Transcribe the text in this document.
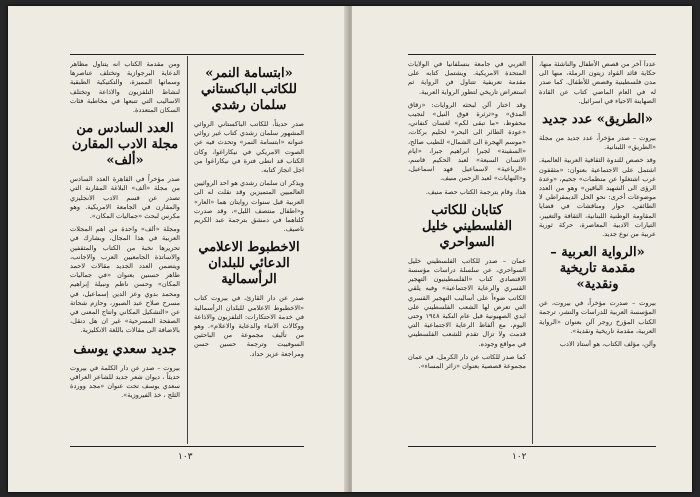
ومن مقدمة الكتاب انه يتناول مظاهر الدعاية البرجوازية وتختلف عناصرها وسماتها المميزة، والتكتيكية الطبقية لنشاط التلفزيون والاذاعة وتختلف الاساليب التي تتبعها في مخاطبة فئات السكان المتعددة.

العدد السادس من مجلة الادب المقارن «ألف»

صدر مؤخراً في القاهرة العدد السادس من مجلة «ألف» البلاغة المقارنة التي تصدر عن قسم الادب الانجليزي والمقارن في الجامعة الامريكية. وهو مكرس لبحث «جماليات المكان».

ومجلة «ألف» واحدة من اهم المجلات العربية في هذا المجال، ويشارك في تحريرها نخبة من الكتاب والمثقفين والاساتذة الجامعيين العرب والاجانب، ويتضمن العدد الجديد مقالات لاحمد طاهر حسنين بعنوان «في جماليات المكان» وحسن ناظم ونبيلة إبراهيم ومحمد بدوي وعز الدين إسماعيل، في مسرح صلاح عبد الصبور، وحازم شحاتة عن «التشكيل المكاني وانتاج المعنى في الصفحة المسرحية» غير ان هل دنقل، بالاضافة الى مقالات باللغة الانكليزية.

جديد سعدي يوسف

بيروت – صدر عن دار الكلمة في بيروت حديثاً ، ديوان شعر جديد للشاعر العراقي سعدي يوسف تحت عنوان «مجد ووردة الثلج ، خذ الفيروزية».

«ابتسامة النمر» للكاتب الباكستاني سلمان رشدي

صدر حديثاً، للكاتب الباكستاني الروائي المشهور سلمان رشدي كتاب غير روائي عنوانه «ابتسامة النمر» وتحدث فيه عن الصوت الامريكي في نيكاراغوا، وكان الكتاب قد انطى فترة في نيكاراغوا من اجل انجاز كتابه.

ويذكر ان سلمان رشدي هو احد الروائيين العالميين المتميزين وقد نقلت له الى العربية قبل سنوات روايتان هما «العار» و«اطفال منتصف الليل»، وقد صدرت كلتاهما في دمشق بترجمة عبد الكريم ناصيف.

الاخطبوط الاعلامي الدعائي للبلدان الرأسمالية

صدر عن دار القارئ، في بيروت كتاب «الاخطبوط الاعلامي للبلدان الرأسمالية في خدمة الاحتكارات: التلفزيون والاذاعة ووكالات الانباء والدعاية والاعلام». وهو من تأليف مجموعة من الباحثين السوفييت وترجمة حسين حسن ومراجعة عزيز حداد.

١٠٣

العربي في جامعة بنسلفانيا في الولايات المتحدة الامريكية. ويشتمل كتابه على مقدمة تعريفية تتناول فن الرواية ثم استعراض تاريخي لتطور الرواية العربية.

وقد اختار آلن لبحثه الروايات: «زقاق المدق» و«ثرثرة فوق النيل» لنجيب محفوظ، «ما تبقى لكم» لغسان كنفاني، «عودة الطائر الى البحر» لحليم بركات، «موسم الهجرة الى الشمال» للطيب صالح، «السفينة» لجبرا ابراهيم جبرا، «ايام الانسان السبعة» لعبد الحكيم قاسم، «الرباعية» لاسماعيل فهد اسماعيل، و«النهايات» لعبد الرحمن منيف.

هذا، وقام بترجمة الكتاب حصة منيف.

كتابان للكاتب الفلسطيني خليل السواحري

عمان – صدر للكاتب الفلسطيني خليل السواحري، عن سلسلة دراسات مؤسسة الاقتصادي كتاب «الفلسطينيون التهجير القسري والرعاية الاجتماعية» وفيه يلقي الكاتب ضوءاً على أساليب التهجير القسري التي تعرض لها الشعب الفلسطيني على ايدي الصهيونية قبل عام النكبة ١٩٤٨ وحتى اليوم، مع ألفاظ الرعاية الاجتماعية التي قدمت ولا تزال تقدم للشعب الفلسطيني في مواقع وجوده.

كما صدر للكاتب عن دار الكرمل، في عمان مجموعة قصصية بعنوان «زائر المساء».

عدداً آخر من قصص الأطفال والناشئة منها، حكاية قائد القواد زيتون الرملة، منها الى مدن فلسطينية وقصص للأطفال. كما صدر له في العام الماضي كتاب عن القادة الصهاينة الاحياء في اسرائيل.

«الطريق» عدد جديد

بيروت – صدر مؤخراً، عدد جديد من مجلة «الطريق» اللبنانية.

وقد خصص للندوة الثقافية العربية العالمية. اشتمل على الاجتماعية بعنوان: «مثقفون عرب اشتغلوا عن منظمات» جحيم، «وعدة الرؤى الى الشهيد الباقين» وهو من العدد موضوعات أخرى: نحو الحل الديمقراطي لا الطائفي، حوار ومناقشات في قضايا المقاومة الوطنية اللبنانية، الثقافة والتغيير، التيارات الادبية المعاصرة، حركة ثورية عربية من نوع جديد.

«الرواية العربية – مقدمة تاريخية ونقدية»

بيروت – صدرت مؤخراً، في بيروت، عن المؤسسة العربية للدراسات والنشر، ترجمة الكتاب المؤرخ روجر آلن بعنوان «الرواية العربية، مقدمة تاريخية ونقدية».

وآلن، مؤلف الكتاب، هو أستاذ الادب

١٠٢
